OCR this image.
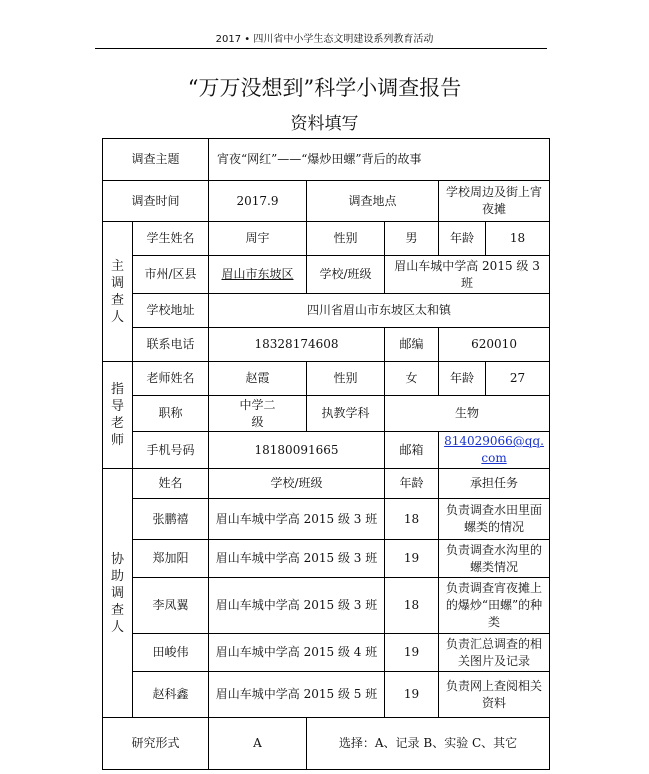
2017 • 四川省中小学生态文明建设系列教育活动
“万万没想到”科学小调查报告
资料填写
调查主题		宵夜“网红”——“爆炒田螺”背后的故事				
调查时间		2017.9	调查地点		学校周边及街上宵夜摊	

主
调
查
人	学生姓名	周宇	性别	男	年龄	18
	市州/区县	眉山市东坡区	学校/班级	眉山车城中学高 2015 级 3 班		
	学校地址	四川省眉山市东坡区太和镇				
	联系电话	18328174608		邮编	620010	

指
导
老
师	老师姓名	赵霞	性别	女	年龄	27
	职称	中学二级	执教学科	生物		
	手机号码	18180091665		邮箱	814029066@qq.com	

协
助
调
查
人	姓名	学校/班级		年龄	承担任务	
	张鹏禧	眉山车城中学高 2015 级 3 班		18	负责调查水田里面螺类的情况	
	郑加阳	眉山车城中学高 2015 级 3 班		19	负责调查水沟里的螺类情况	
	李凤翼	眉山车城中学高 2015 级 3 班		18	负责调查宵夜摊上的爆炒“田螺”的种类	
	田峻伟	眉山车城中学高 2015 级 4 班		19	负责汇总调查的相关图片及记录	
	赵科鑫	眉山车城中学高 2015 级 5 班		19	负责网上查阅相关资料	
研究形式		A	选择：A、记录 B、实验 C、其它			
